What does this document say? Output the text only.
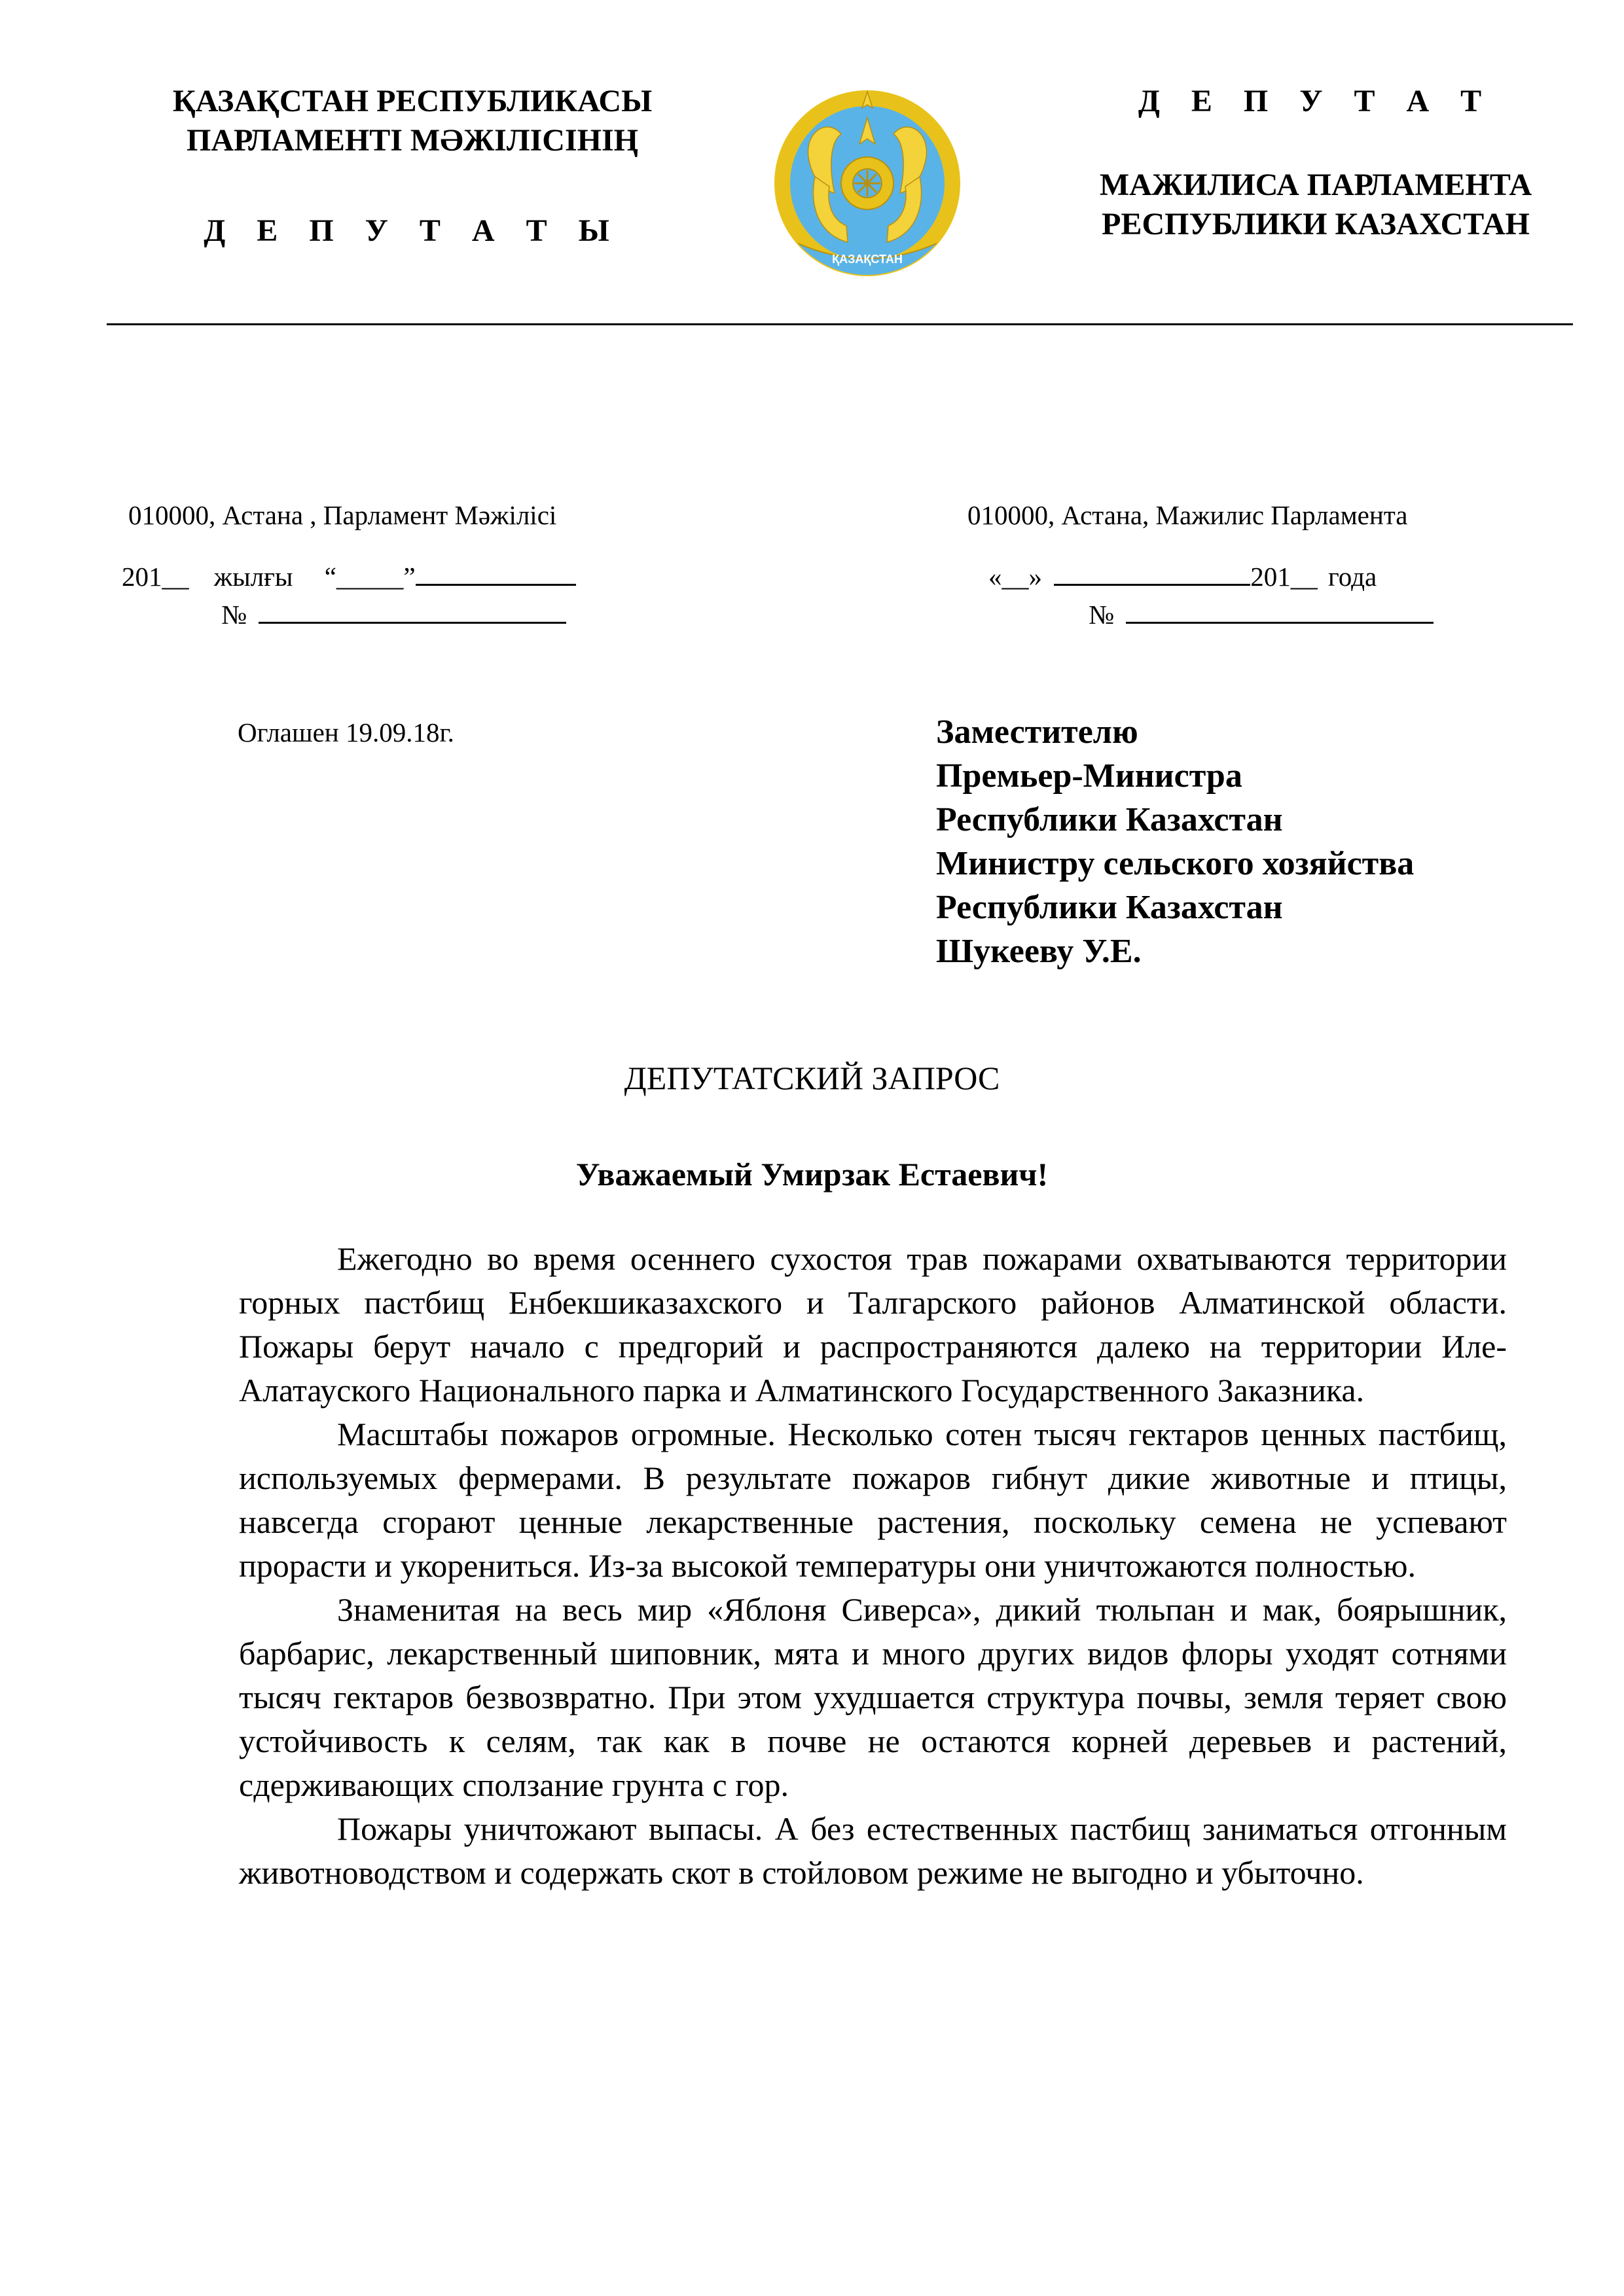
ҚАЗАҚСТАН РЕСПУБЛИКАСЫ
ПАРЛАМЕНТІ МӘЖІЛІСІНІҢ
Д Е П У Т А Т Ы
ҚАЗАҚСТАН
Д Е П У Т А Т
МАЖИЛИСА ПАРЛАМЕНТА
РЕСПУБЛИКИ КАЗАХСТАН
010000, Астана , Парламент Мәжілісі	010000, Астана, Мажилис Парламента
201__ жылғы “_____”
№
«__»	201__ года
№
Оглашен 19.09.18г.	Заместителю
Премьер-Министра
Республики Казахстан
Министру сельского хозяйства
Республики Казахстан
Шукееву У.Е.
ДЕПУТАТСКИЙ ЗАПРОС
Уважаемый Умирзак Естаевич!

Ежегодно во время осеннего сухостоя трав пожарами охватываются территории горных пастбищ Енбекшиказахского и Талгарского районов Алматинской области. Пожары берут начало с предгорий и распространяются далеко на территории Иле-Алатауского Национального парка и Алматинского Государственного Заказника.

Масштабы пожаров огромные. Несколько сотен тысяч гектаров ценных пастбищ, используемых фермерами. В результате пожаров гибнут дикие животные и птицы, навсегда сгорают ценные лекарственные растения, поскольку семена не успевают прорасти и укорениться. Из-за высокой температуры они уничтожаются полностью.

Знаменитая на весь мир «Яблоня Сиверса», дикий тюльпан и мак, боярышник, барбарис, лекарственный шиповник, мята и много других видов флоры уходят сотнями тысяч гектаров безвозвратно. При этом ухудшается структура почвы, земля теряет свою устойчивость к селям, так как в почве не остаются корней деревьев и растений, сдерживающих сползание грунта с гор.

Пожары уничтожают выпасы. А без естественных пастбищ заниматься отгонным животноводством и содержать скот в стойловом режиме не выгодно и убыточно.
